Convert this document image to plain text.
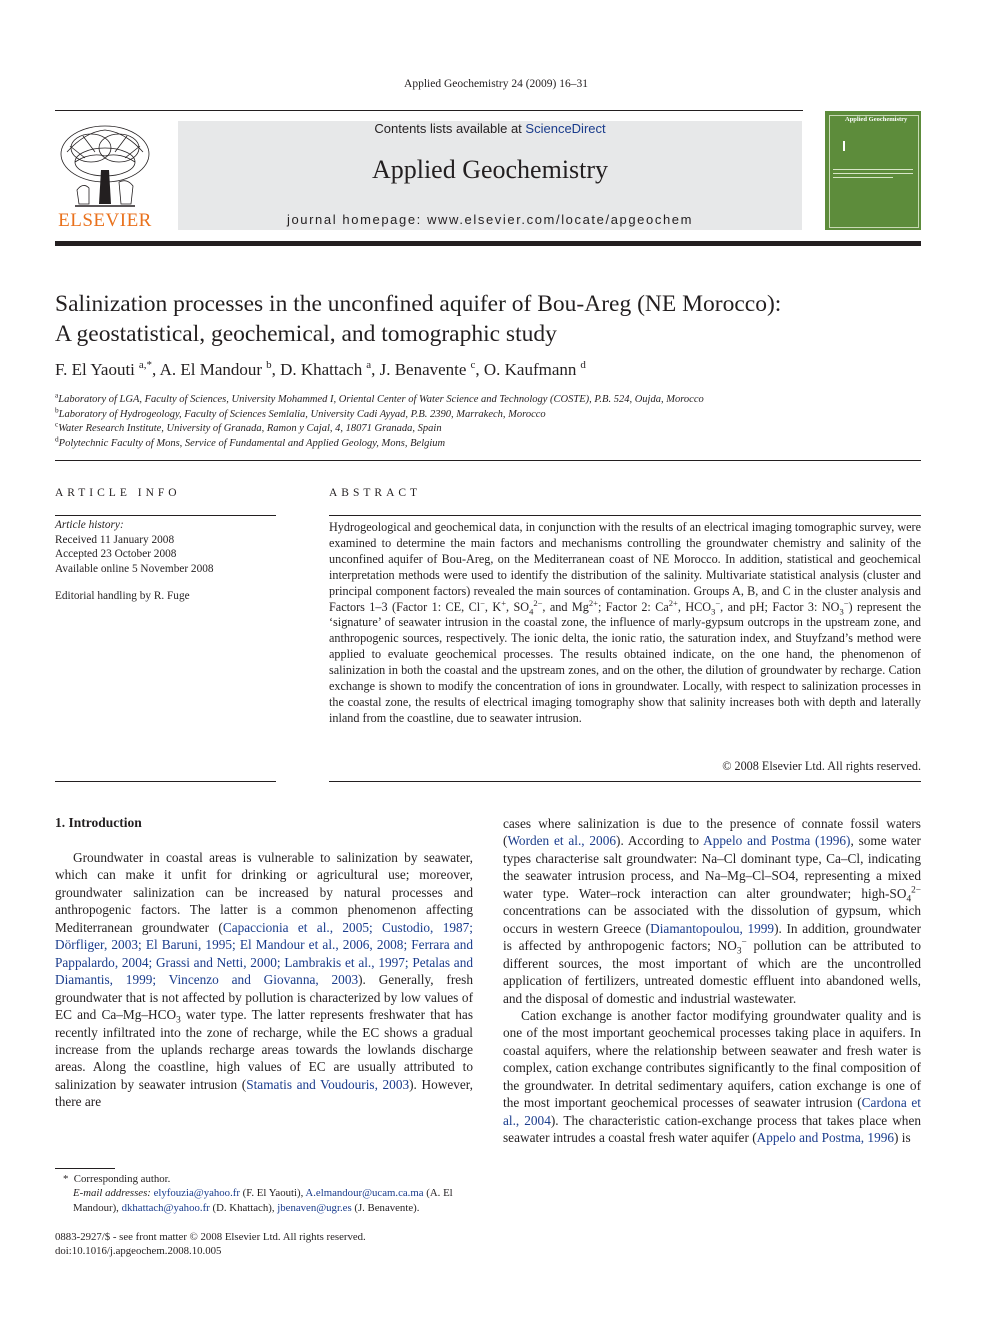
Applied Geochemistry 24 (2009) 16–31
ELSEVIER
Contents lists available at ScienceDirect
Applied Geochemistry
journal homepage: www.elsevier.com/locate/apgeochem
Applied Geochemistry
Salinization processes in the unconfined aquifer of Bou-Areg (NE Morocco):
A geostatistical, geochemical, and tomographic study
F. El Yaouti $^{a,*}$, A. El Mandour $^b$, D. Khattach $^a$, J. Benavente $^c$, O. Kaufmann $^d$
$^a$Laboratory of LGA, Faculty of Sciences, University Mohammed I, Oriental Center of Water Science and Technology (COSTE), P.B. 524, Oujda, Morocco
$^b$Laboratory of Hydrogeology, Faculty of Sciences Semlalia, University Cadi Ayyad, P.B. 2390, Marrakech, Morocco
$^c$Water Research Institute, University of Granada, Ramon y Cajal, 4, 18071 Granada, Spain
$^d$Polytechnic Faculty of Mons, Service of Fundamental and Applied Geology, Mons, Belgium
ARTICLE INFO
Article history:
Received 11 January 2008
Accepted 23 October 2008
Available online 5 November 2008
Editorial handling by R. Fuge
ABSTRACT
Hydrogeological and geochemical data, in conjunction with the results of an electrical imaging tomographic survey, were examined to determine the main factors and mechanisms controlling the groundwater chemistry and salinity of the unconfined aquifer of Bou-Areg, on the Mediterranean coast of NE Morocco. In addition, statistical and geochemical interpretation methods were used to identify the distribution of the salinity. Multivariate statistical analysis (cluster and principal component factors) revealed the main sources of contamination. Groups A, B, and C in the cluster analysis and Factors 1–3 (Factor 1: CE, Cl−, K+, $SO_4^{2-}$, and $Mg^{2+}$; Factor 2: $Ca^{2+}$, $HCO_3^-$, and pH; Factor 3: $NO_3^-$) represent the ‘signature’ of seawater intrusion in the coastal zone, the influence of marly-gypsum outcrops in the upstream zone, and anthropogenic sources, respectively. The ionic delta, the ionic ratio, the saturation index, and Stuyfzand’s method were applied to evaluate geochemical processes. The results obtained indicate, on the one hand, the phenomenon of salinization in both the coastal and the upstream zones, and on the other, the dilution of groundwater by recharge. Cation exchange is shown to modify the concentration of ions in groundwater. Locally, with respect to salinization processes in the coastal zone, the results of electrical imaging tomography show that salinity increases both with depth and laterally inland from the coastline, due to seawater intrusion.
© 2008 Elsevier Ltd. All rights reserved.
1. Introduction

Groundwater in coastal areas is vulnerable to salinization by seawater, which can make it unfit for drinking or agricultural use; moreover, groundwater salinization can be increased by natural processes and anthropogenic factors. The latter is a common phenomenon affecting Mediterranean groundwater (Capaccionia et al., 2005; Custodio, 1987; Dörfliger, 2003; El Baruni, 1995; El Mandour et al., 2006, 2008; Ferrara and Pappalardo, 2004; Grassi and Netti, 2000; Lambrakis et al., 1997; Petalas and Diamantis, 1999; Vincenzo and Giovanna, 2003). Generally, fresh groundwater that is not affected by pollution is characterized by low values of EC and $Ca-Mg-HCO_3$ water type. The latter represents freshwater that has recently infiltrated into the zone of recharge, while the EC shows a gradual increase from the uplands recharge areas towards the lowlands discharge areas. Along the coastline, high values of EC are usually attributed to salinization by seawater intrusion (Stamatis and Voudouris, 2003). However, there are

cases where salinization is due to the presence of connate fossil waters (Worden et al., 2006). According to Appelo and Postma (1996), some water types characterise salt groundwater: Na–Cl dominant type, Ca–Cl, indicating the seawater intrusion process, and Na–Mg–Cl–SO4, representing a mixed water type. Water–rock interaction can alter groundwater; high-$SO_4^{2-}$ concentrations can be associated with the dissolution of gypsum, which occurs in western Greece (Diamantopoulou, 1999). In addition, groundwater is affected by anthropogenic factors; $NO_3^-$ pollution can be attributed to different sources, the most important of which are the uncontrolled application of fertilizers, untreated domestic effluent into abandoned wells, and the disposal of domestic and industrial wastewater.

Cation exchange is another factor modifying groundwater quality and is one of the most important geochemical processes taking place in aquifers. In coastal aquifers, where the relationship between seawater and fresh water is complex, cation exchange contributes significantly to the final composition of the groundwater. In detrital sedimentary aquifers, cation exchange is one of the most important geochemical processes of seawater intrusion (Cardona et al., 2004). The characteristic cation-exchange process that takes place when seawater intrudes a coastal fresh water aquifer (Appelo and Postma, 1996) is

*  Corresponding author.
E-mail addresses: elyfouzia@yahoo.fr (F. El Yaouti), A.elmandour@ucam.ca.ma (A. El Mandour), dkhattach@yahoo.fr (D. Khattach), jbenaven@ugr.es (J. Benavente).
0883-2927/$ - see front matter © 2008 Elsevier Ltd. All rights reserved.
doi:10.1016/j.apgeochem.2008.10.005
